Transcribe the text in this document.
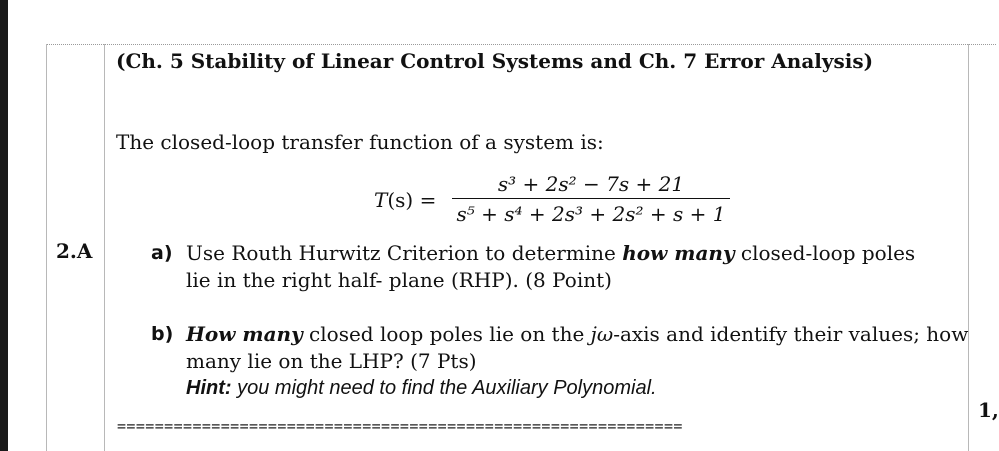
(Ch. 5 Stability of Linear Control Systems and Ch. 7 Error Analysis)
The closed-loop transfer function of a system is:
T(s) =
s³ + 2s² − 7s + 21
s⁵ + s⁴ + 2s³ + 2s² + s + 1
2.A	a) Use Routh Hurwitz Criterion to determine how many closed-loop poles
lie in the right half- plane (RHP). (8 Point)
b) How many closed loop poles lie on the jω-axis and identify their values; how
many lie on the LHP? (7 Pts)
Hint: you might need to find the Auxiliary Polynomial.
============================================================
1,
